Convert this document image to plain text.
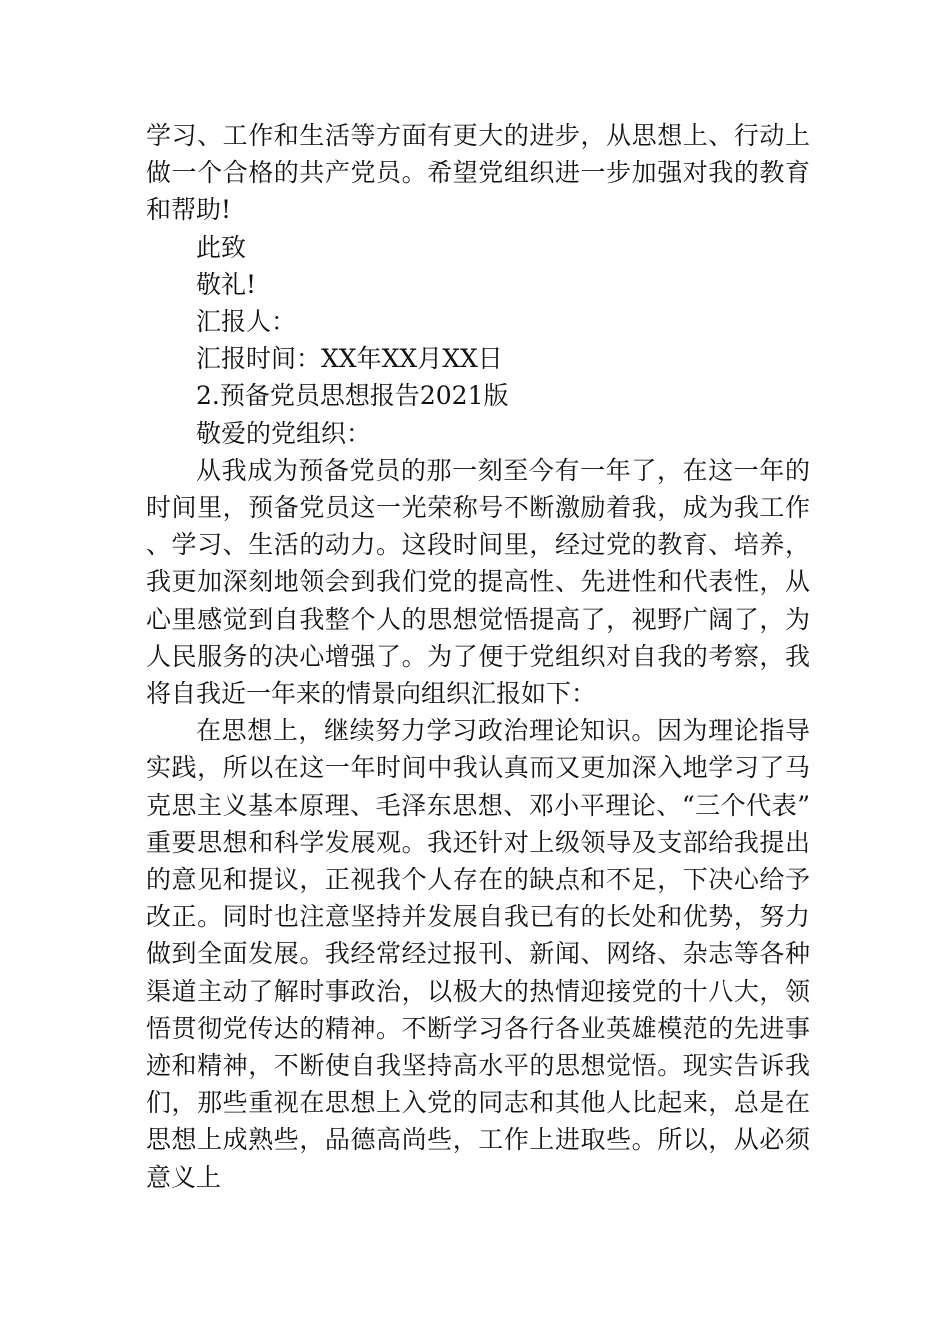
学习、工作和生活等方面有更大的进步，从思想上、行动上做一个合格的共产党员。希望党组织进一步加强对我的教育和帮助!

此致

敬礼!

汇报人：

汇报时间：XX年XX月XX日

2.预备党员思想报告2021版

敬爱的党组织：

从我成为预备党员的那一刻至今有一年了，在这一年的时间里，预备党员这一光荣称号不断激励着我，成为我工作、学习、生活的动力。这段时间里，经过党的教育、培养，我更加深刻地领会到我们党的提高性、先进性和代表性，从心里感觉到自我整个人的思想觉悟提高了，视野广阔了，为人民服务的决心增强了。为了便于党组织对自我的考察，我将自我近一年来的情景向组织汇报如下：

在思想上，继续努力学习政治理论知识。因为理论指导实践，所以在这一年时间中我认真而又更加深入地学习了马克思主义基本原理、毛泽东思想、邓小平理论、“三个代表”重要思想和科学发展观。我还针对上级领导及支部给我提出的意见和提议，正视我个人存在的缺点和不足，下决心给予改正。同时也注意坚持并发展自我已有的长处和优势，努力做到全面发展。我经常经过报刊、新闻、网络、杂志等各种渠道主动了解时事政治，以极大的热情迎接党的十八大，领悟贯彻党传达的精神。不断学习各行各业英雄模范的先进事迹和精神，不断使自我坚持高水平的思想觉悟。现实告诉我们，那些重视在思想上入党的同志和其他人比起来，总是在思想上成熟些，品德高尚些，工作上进取些。所以，从必须意义上
